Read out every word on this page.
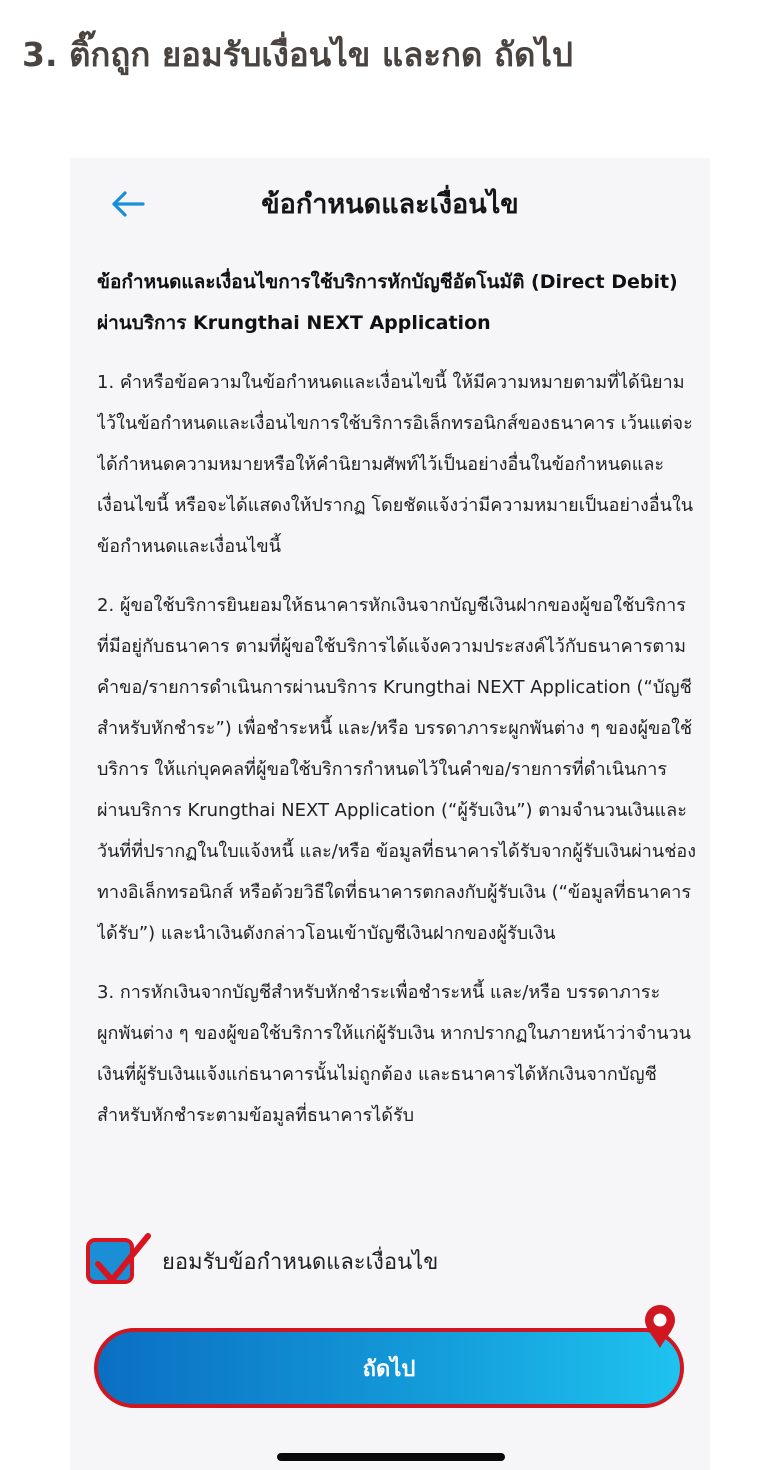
3. ติ๊กถูก ยอมรับเงื่อนไข และกด ถัดไป
ข้อกำหนดและเงื่อนไข

ข้อกำหนดและเงื่อนไขการใช้บริการหักบัญชีอัตโนมัติ (Direct Debit) ผ่านบริการ Krungthai NEXT Application

1. คำหรือข้อความในข้อกำหนดและเงื่อนไขนี้ ให้มีความหมายตามที่ได้นิยามไว้ในข้อกำหนดและเงื่อนไขการใช้บริการอิเล็กทรอนิกส์ของธนาคาร เว้นแต่จะได้กำหนดความหมายหรือให้คำนิยามศัพท์ไว้เป็นอย่างอื่นในข้อกำหนดและเงื่อนไขนี้ หรือจะได้แสดงให้ปรากฏ โดยชัดแจ้งว่ามีความหมายเป็นอย่างอื่นในข้อกำหนดและเงื่อนไขนี้

2. ผู้ขอใช้บริการยินยอมให้ธนาคารหักเงินจากบัญชีเงินฝากของผู้ขอใช้บริการที่มีอยู่กับธนาคาร ตามที่ผู้ขอใช้บริการได้แจ้งความประสงค์ไว้กับธนาคารตามคำขอ/รายการดำเนินการผ่านบริการ Krungthai NEXT Application (“บัญชีสำหรับหักชำระ”) เพื่อชำระหนี้ และ/หรือ บรรดาภาระผูกพันต่าง ๆ ของผู้ขอใช้บริการ ให้แก่บุคคลที่ผู้ขอใช้บริการกำหนดไว้ในคำขอ/รายการที่ดำเนินการผ่านบริการ Krungthai NEXT Application (“ผู้รับเงิน”) ตามจำนวนเงินและวันที่ที่ปรากฏในใบแจ้งหนี้ และ/หรือ ข้อมูลที่ธนาคารได้รับจากผู้รับเงินผ่านช่องทางอิเล็กทรอนิกส์ หรือด้วยวิธีใดที่ธนาคารตกลงกับผู้รับเงิน (“ข้อมูลที่ธนาคารได้รับ”) และนำเงินดังกล่าวโอนเข้าบัญชีเงินฝากของผู้รับเงิน

3. การหักเงินจากบัญชีสำหรับหักชำระเพื่อชำระหนี้ และ/หรือ บรรดาภาระผูกพันต่าง ๆ ของผู้ขอใช้บริการให้แก่ผู้รับเงิน หากปรากฏในภายหน้าว่าจำนวนเงินที่ผู้รับเงินแจ้งแก่ธนาคารนั้นไม่ถูกต้อง และธนาคารได้หักเงินจากบัญชีสำหรับหักชำระตามข้อมูลที่ธนาคารได้รับ

ยอมรับข้อกำหนดและเงื่อนไข
ถัดไป
